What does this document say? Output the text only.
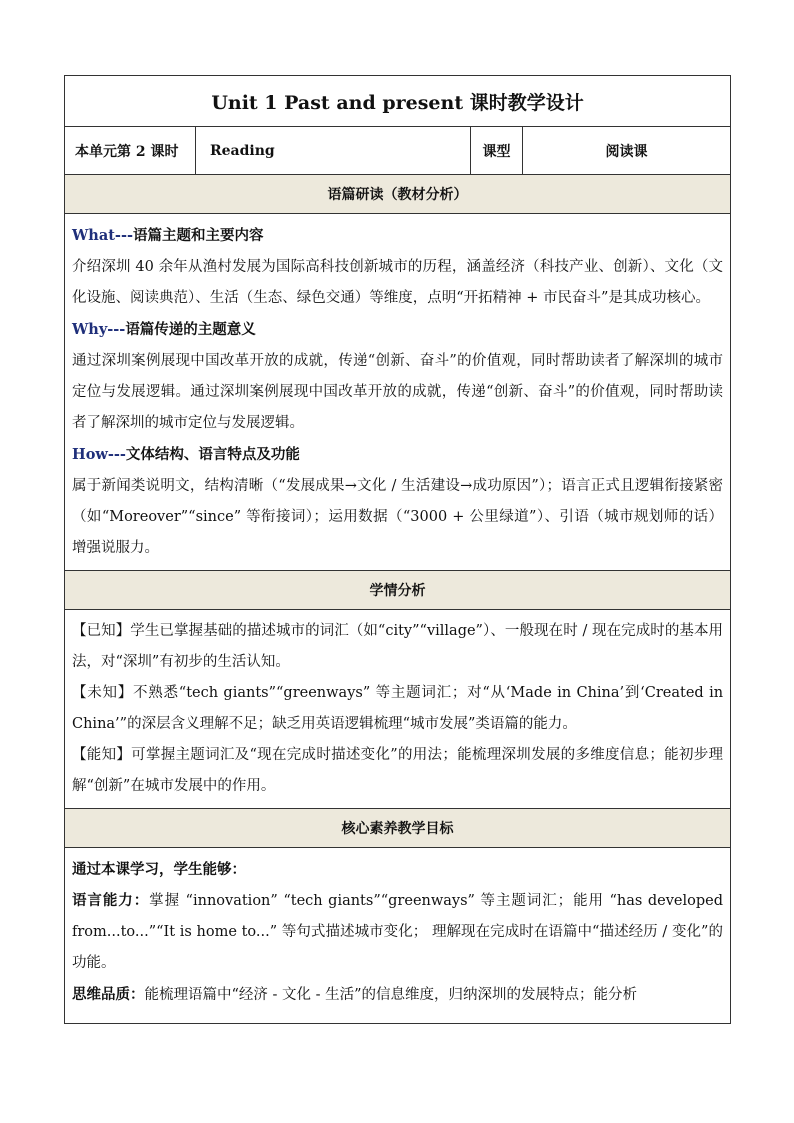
Unit 1 Past and present 课时教学设计
本单元第 2 课时	Reading	课型	阅读课
语篇研读（教材分析）

What---语篇主题和主要内容

介绍深圳 40 余年从渔村发展为国际高科技创新城市的历程，涵盖经济（科技产业、创新）、文化（文化设施、阅读典范）、生活（生态、绿色交通）等维度，点明“开拓精神 + 市民奋斗”是其成功核心。

Why---语篇传递的主题意义

通过深圳案例展现中国改革开放的成就，传递“创新、奋斗”的价值观，同时帮助读者了解深圳的城市定位与发展逻辑。通过深圳案例展现中国改革开放的成就，传递“创新、奋斗”的价值观，同时帮助读者了解深圳的城市定位与发展逻辑。

How---文体结构、语言特点及功能

属于新闻类说明文，结构清晰（“发展成果→文化 / 生活建设→成功原因”）；语言正式且逻辑衔接紧密（如“Moreover”“since” 等衔接词）；运用数据（“3000 + 公里绿道”）、引语（城市规划师的话）增强说服力。

学情分析

【已知】学生已掌握基础的描述城市的词汇（如“city”“village”）、一般现在时 / 现在完成时的基本用法，对“深圳”有初步的生活认知。

【未知】不熟悉“tech giants”“greenways” 等主题词汇；对“从‘Made in China’到‘Created in China’”的深层含义理解不足；缺乏用英语逻辑梳理“城市发展”类语篇的能力。

【能知】可掌握主题词汇及“现在完成时描述变化”的用法；能梳理深圳发展的多维度信息；能初步理解“创新”在城市发展中的作用。

核心素养教学目标

通过本课学习，学生能够：

语言能力：掌握 “innovation” “tech giants”“greenways” 等主题词汇；能用 “has developed from...to...”“It is home to...” 等句式描述城市变化； 理解现在完成时在语篇中“描述经历 / 变化”的功能。

思维品质：能梳理语篇中“经济 - 文化 - 生活”的信息维度，归纳深圳的发展特点；能分析
